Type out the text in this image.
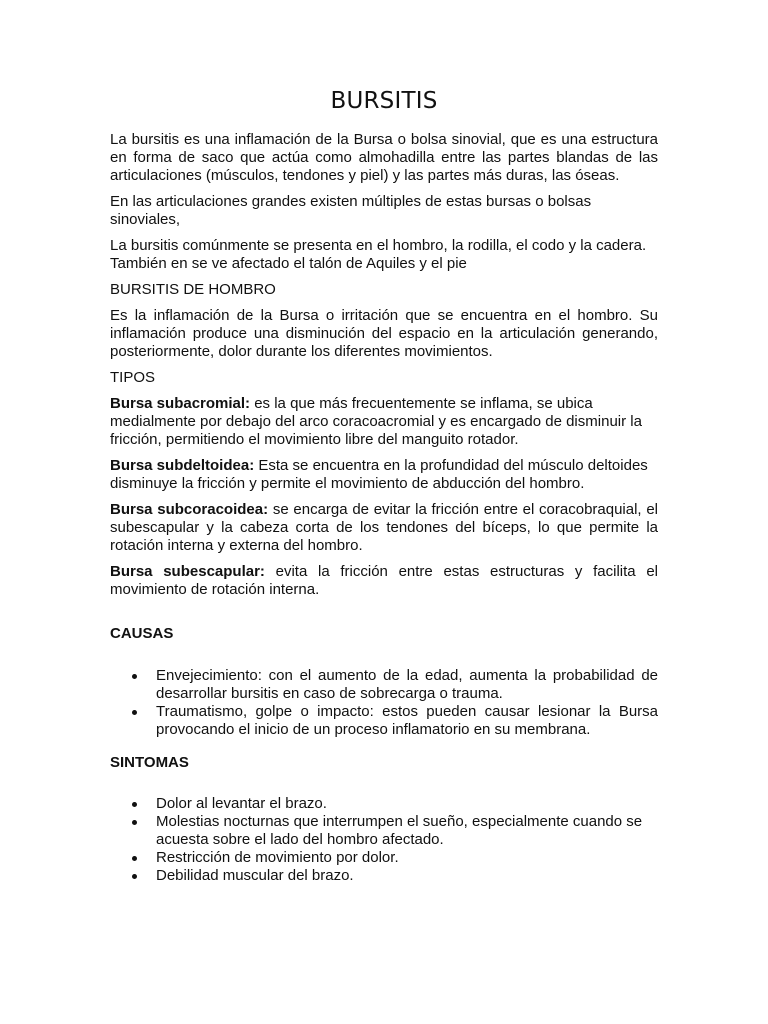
BURSITIS

La bursitis es una inflamación de la Bursa o bolsa sinovial, que es una estructura en forma de saco que actúa como almohadilla entre las partes blandas de las articulaciones (músculos, tendones y piel) y las partes más duras, las óseas.

En las articulaciones grandes existen múltiples de estas bursas o bolsas sinoviales,

La bursitis comúnmente se presenta en el hombro, la rodilla, el codo y la cadera. También en se ve afectado el talón de Aquiles y el pie

BURSITIS DE HOMBRO

Es la inflamación de la Bursa o irritación que se encuentra en el hombro. Su inflamación produce una disminución del espacio en la articulación generando, posteriormente, dolor durante los diferentes movimientos.

TIPOS

Bursa subacromial: es la que más frecuentemente se inflama, se ubica medialmente por debajo del arco coracoacromial y es encargado de disminuir la fricción, permitiendo el movimiento libre del manguito rotador.

Bursa subdeltoidea: Esta se encuentra en la profundidad del músculo deltoides disminuye la fricción y permite el movimiento de abducción del hombro.

Bursa subcoracoidea: se encarga de evitar la fricción entre el coracobraquial, el subescapular y la cabeza corta de los tendones del bíceps, lo que permite la rotación interna y externa del hombro.

Bursa subescapular: evita la fricción entre estas estructuras y facilita el movimiento de rotación interna.

CAUSAS

Envejecimiento: con el aumento de la edad, aumenta la probabilidad de desarrollar bursitis en caso de sobrecarga o trauma.
Traumatismo, golpe o impacto: estos pueden causar lesionar la Bursa provocando el inicio de un proceso inflamatorio en su membrana.

SINTOMAS

Dolor al levantar el brazo.
Molestias nocturnas que interrumpen el sueño, especialmente cuando se acuesta sobre el lado del hombro afectado.
Restricción de movimiento por dolor.
Debilidad muscular del brazo.
